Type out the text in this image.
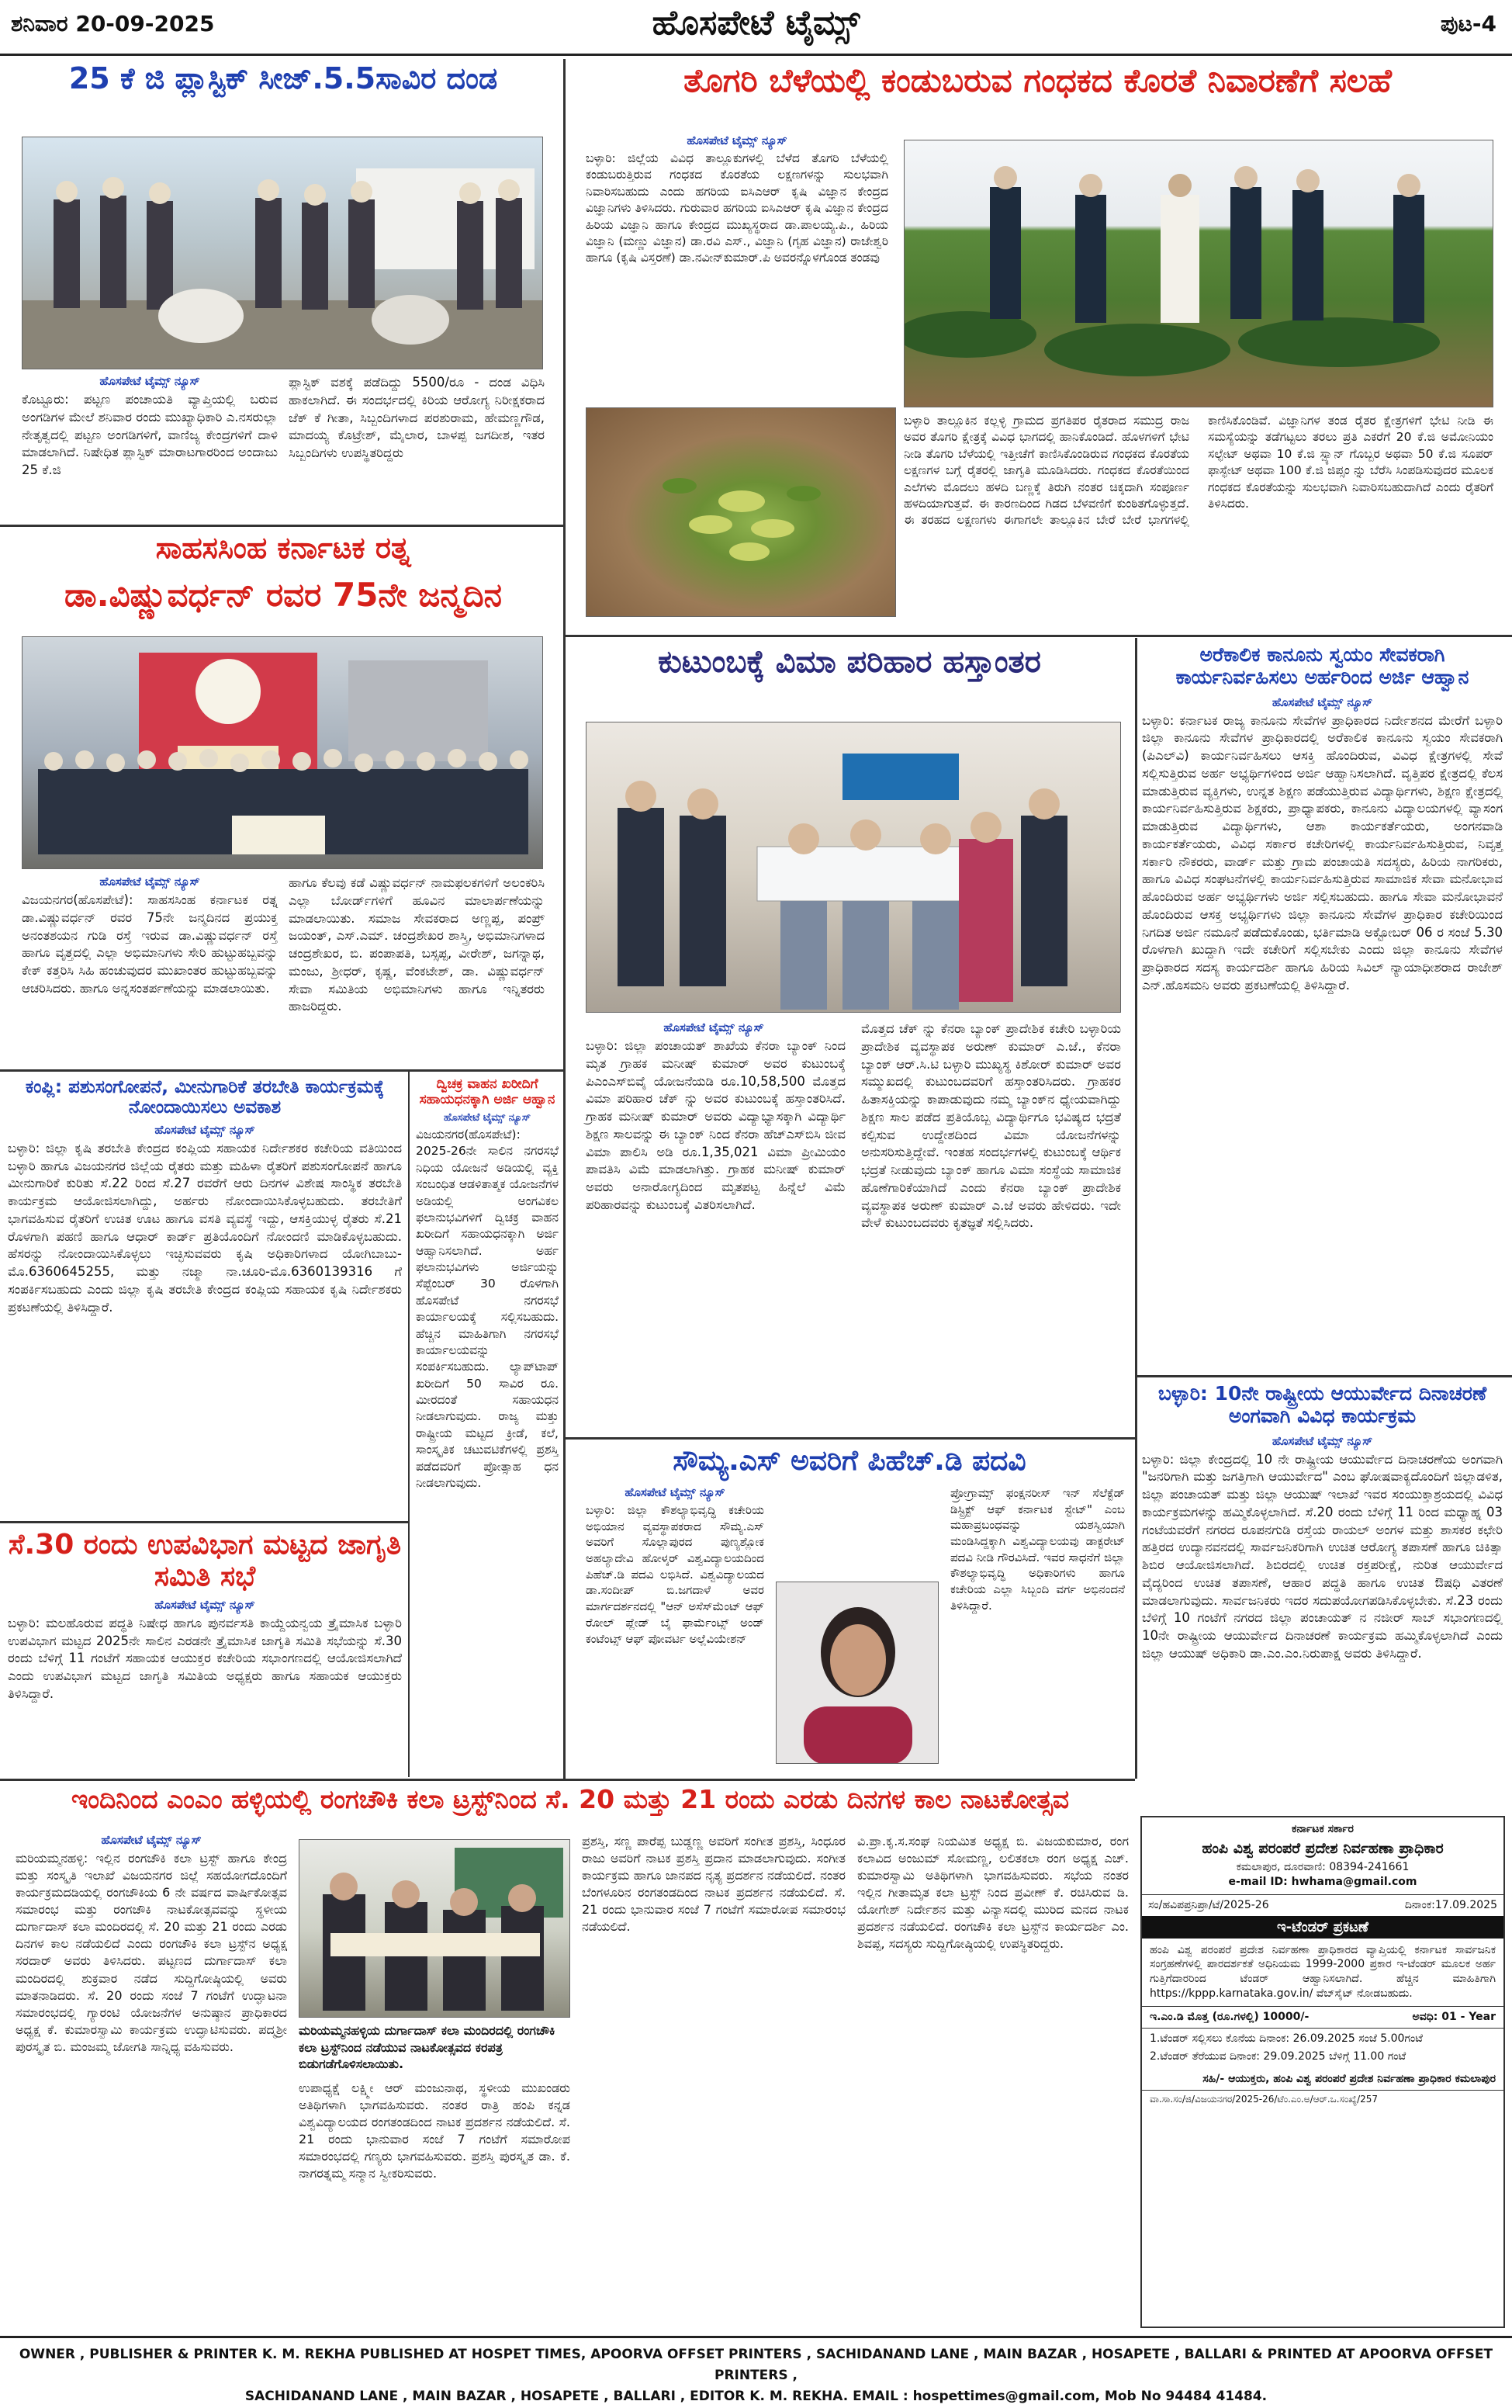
ಶನಿವಾರ 20-09-2025	ಹೊಸಪೇಟೆ ಟೈಮ್ಸ್	ಪುಟ-4
25 ಕೆ ಜಿ ಪ್ಲಾಸ್ಟಿಕ್ ಸೀಜ್.5.5ಸಾವಿರ ದಂಡ
ಹೊಸಪೇಟೆ ಟೈಮ್ಸ್ ನ್ಯೂಸ್
ಕೊಟ್ಟೂರು: ಪಟ್ಟಣ ಪಂಚಾಯತಿ ವ್ಯಾಪ್ತಿಯಲ್ಲಿ ಬರುವ ಅಂಗಡಿಗಳ ಮೇಲೆ ಶನಿವಾರ ರಂದು ಮುಖ್ಯಾಧಿಕಾರಿ ಎ.ನಸರುಲ್ಲಾ ನೇತೃತ್ವದಲ್ಲಿ ಪಟ್ಟಣ ಅಂಗಡಿಗಳಿಗೆ, ವಾಣಿಜ್ಯ ಕೇಂದ್ರಗಳಿಗೆ ದಾಳಿ ಮಾಡಲಾಗಿದೆ. ನಿಷೇಧಿತ ಪ್ಲಾಸ್ಟಿಕ್ ಮಾರಾಟಗಾರರಿಂದ ಅಂದಾಜು 25 ಕೆ.ಜಿ
ಪ್ಲಾಸ್ಟಿಕ್ ವಶಕ್ಕೆ ಪಡೆದಿದ್ದು 5500/ರೂ - ದಂಡ ವಿಧಿಸಿ ಹಾಕಲಾಗಿದೆ. ಈ ಸಂದರ್ಭದಲ್ಲಿ ಕಿರಿಯ ಆರೋಗ್ಯ ನಿರೀಕ್ಷಕರಾದ ಜೆಕ್ ಕೆ ಗೀತಾ, ಸಿಬ್ಬಂದಿಗಳಾದ ಪರಶುರಾಮ, ಹೇಮಣ್ಣಗೌಡ, ಮಾದಯ್ಯ ಕೊಟ್ರೇಶ್, ಮೈಲಾರ, ಬಾಳಪ್ಪ ಜಗದೀಶ, ಇತರ ಸಿಬ್ಬಂದಿಗಳು ಉಪಸ್ಥಿತರಿದ್ದರು
ತೊಗರಿ ಬೆಳೆಯಲ್ಲಿ ಕಂಡುಬರುವ ಗಂಧಕದ ಕೊರತೆ ನಿವಾರಣೆಗೆ ಸಲಹೆ
ಹೊಸಪೇಟೆ ಟೈಮ್ಸ್ ನ್ಯೂಸ್
ಬಳ್ಳಾರಿ: ಜಿಲ್ಲೆಯ ವಿವಿಧ ತಾಲ್ಲೂಕುಗಳಲ್ಲಿ ಬೆಳೆದ ತೊಗರಿ ಬೆಳೆಯಲ್ಲಿ ಕಂಡುಬರುತ್ತಿರುವ ಗಂಧಕದ ಕೊರತೆಯ ಲಕ್ಷಣಗಳನ್ನು ಸುಲಭವಾಗಿ ನಿವಾರಿಸಬಹುದು ಎಂದು ಹಗರಿಯ ಐಸಿಎಆರ್ ಕೃಷಿ ವಿಜ್ಞಾನ ಕೇಂದ್ರದ ವಿಜ್ಞಾನಿಗಳು ತಿಳಿಸಿದರು. ಗುರುವಾರ ಹಗರಿಯ ಐಸಿಎಆರ್ ಕೃಷಿ ವಿಜ್ಞಾನ ಕೇಂದ್ರದ ಹಿರಿಯ ವಿಜ್ಞಾನಿ ಹಾಗೂ ಕೇಂದ್ರದ ಮುಖ್ಯಸ್ಥರಾದ ಡಾ.ಪಾಲಯ್ಯ.ಪಿ., ಹಿರಿಯ ವಿಜ್ಞಾನಿ (ಮಣ್ಣು ವಿಜ್ಞಾನ) ಡಾ.ರವಿ ಎಸ್., ವಿಜ್ಞಾನಿ (ಗೃಹ ವಿಜ್ಞಾನ) ರಾಜೇಶ್ವರಿ ಹಾಗೂ (ಕೃಷಿ ವಿಸ್ತರಣೆ) ಡಾ.ನವೀನ್‌ಕುಮಾರ್.ಪಿ ಅವರನ್ನೊಳಗೊಂಡ ತಂಡವು
ಬಳ್ಳಾರಿ ತಾಲ್ಲೂಕಿನ ಕಲ್ಲಳ್ಳಿ ಗ್ರಾಮದ ಪ್ರಗತಿಪರ ರೈತರಾದ ಸಮುದ್ರ ರಾಜ ಅವರ ತೊಗರಿ ಕ್ಷೇತ್ರಕ್ಕೆ ವಿವಿಧ ಭಾಗದಲ್ಲಿ ಹಾನಿಕೊಂಡಿದೆ. ಹೊಳಗಳಿಗೆ ಭೇಟಿ ನೀಡಿ ತೊಗರಿ ಬೆಳೆಯಲ್ಲಿ ಇತ್ತೀಚೆಗೆ ಕಾಣಿಸಿಕೊಂಡಿರುವ ಗಂಧಕದ ಕೊರತೆಯ ಲಕ್ಷಣಗಳ ಬಗ್ಗೆ ರೈತರಲ್ಲಿ ಜಾಗೃತಿ ಮೂಡಿಸಿದರು. ಗಂಧಕದ ಕೊರತೆಯಿಂದ ಎಲೆಗಳು ಮೊದಲು ಹಳದಿ ಬಣ್ಣಕ್ಕೆ ತಿರುಗಿ ನಂತರ ಚಿಕ್ಕದಾಗಿ ಸಂಪೂರ್ಣ ಹಳದಿಯಾಗುತ್ತವೆ. ಈ ಕಾರಣದಿಂದ ಗಿಡದ ಬೆಳವಣಿಗೆ ಕುಂಠಿತಗೊಳ್ಳುತ್ತದೆ. ಈ ತರಹದ ಲಕ್ಷಣಗಳು ಈಗಾಗಲೇ ತಾಲ್ಲೂಕಿನ ಬೇರೆ ಬೇರೆ ಭಾಗಗಳಲ್ಲಿ ಕಾಣಿಸಿಕೊಂಡಿವೆ. ವಿಜ್ಞಾನಿಗಳ ತಂಡ ರೈತರ ಕ್ಷೇತ್ರಗಳಿಗೆ ಭೇಟಿ ನೀಡಿ ಈ ಸಮಸ್ಯೆಯನ್ನು ತಡೆಗಟ್ಟಲು ತರಲು ಪ್ರತಿ ಎಕರೆಗೆ 20 ಕೆ.ಜಿ ಅಮೋನಿಯಂ ಸಲ್ಫೇಟ್ ಅಥವಾ 10 ಕೆ.ಜಿ ಸ್ಪ್ಯಾನ್ ಗೊಬ್ಬರ ಅಥವಾ 50 ಕೆ.ಜಿ ಸೂಪರ್ ಫಾಸ್ಫೇಟ್ ಅಥವಾ 100 ಕೆ.ಜಿ ಜಿಪ್ಸಂ ನ್ನು ಬೆರೆಸಿ ಸಿಂಪಡಿಸುವುದರ ಮೂಲಕ ಗಂಧಕದ ಕೊರತೆಯನ್ನು ಸುಲಭವಾಗಿ ನಿವಾರಿಸಬಹುದಾಗಿದೆ ಎಂದು ರೈತರಿಗೆ ತಿಳಿಸಿದರು.
ಸಾಹಸಸಿಂಹ ಕರ್ನಾಟಕ ರತ್ನ
ಡಾ.ವಿಷ್ಣುವರ್ಧನ್ ರವರ 75ನೇ ಜನ್ಮದಿನ
ಹೊಸಪೇಟೆ ಟೈಮ್ಸ್ ನ್ಯೂಸ್
ವಿಜಯನಗರ(ಹೊಸಪೇಟೆ): ಸಾಹಸಸಿಂಹ ಕರ್ನಾಟಕ ರತ್ನ ಡಾ.ವಿಷ್ಣುವರ್ಧನ್ ರವರ 75ನೇ ಜನ್ಮದಿನದ ಪ್ರಯುಕ್ತ ಅನಂತಶಯನ ಗುಡಿ ರಸ್ತೆ ಇರುವ ಡಾ.ವಿಷ್ಣುವರ್ಧನ್ ರಸ್ತೆ ಹಾಗೂ ವೃತ್ತದಲ್ಲಿ ಎಲ್ಲಾ ಅಭಿಮಾನಿಗಳು ಸೇರಿ ಹುಟ್ಟುಹಬ್ಬವನ್ನು ಕೇಕ್ ಕತ್ತರಿಸಿ ಸಿಹಿ ಹಂಚುವುದರ ಮುಖಾಂತರ ಹುಟ್ಟುಹಬ್ಬವನ್ನು ಆಚರಿಸಿದರು. ಹಾಗೂ ಅನ್ನಸಂತರ್ಪಣೆಯನ್ನು ಮಾಡಲಾಯಿತು.
ಹಾಗೂ ಕೆಲವು ಕಡೆ ವಿಷ್ಣುವರ್ಧನ್ ನಾಮಫಲಕಗಳಿಗೆ ಅಲಂಕರಿಸಿ ಎಲ್ಲಾ ಬೋರ್ಡ್‌ಗಳಿಗೆ ಹೂವಿನ ಮಾಲಾರ್ಪಣೆಯನ್ನು ಮಾಡಲಾಯಿತು. ಸಮಾಜ ಸೇವಕರಾದ ಅಣ್ಣಪ್ಪ, ಪಂಪ್ರ್‌ ಜಯಂತ್, ಎಸ್.ಎಮ್. ಚಂದ್ರಶೇಖರ ಶಾಸ್ತ್ರಿ, ಅಭಿಮಾನಿಗಳಾದ ಚಂದ್ರಶೇಖರ, ಬಿ. ಪಂಪಾಪತಿ, ಬಸ್ಸಪ್ಪ, ವೀರೇಶ್, ಜಗನ್ನಾಥ, ಮಂಜು, ಶ್ರೀಧರ್, ಕೃಷ್ಣ, ವೆಂಕಟೇಶ್, ಡಾ. ವಿಷ್ಣುವರ್ಧನ್ ಸೇವಾ ಸಮಿತಿಯ ಅಭಿಮಾನಿಗಳು ಹಾಗೂ ಇನ್ನಿತರರು ಹಾಜರಿದ್ದರು.
ಕುಟುಂಬಕ್ಕೆ ವಿಮಾ ಪರಿಹಾರ ಹಸ್ತಾಂತರ
ಹೊಸಪೇಟೆ ಟೈಮ್ಸ್ ನ್ಯೂಸ್
ಬಳ್ಳಾರಿ: ಜಿಲ್ಲಾ ಪಂಚಾಯತ್ ಶಾಖೆಯ ಕೆನರಾ ಬ್ಯಾಂಕ್ ನಿಂದ ಮೃತ ಗ್ರಾಹಕ ಮನೀಷ್ ಕುಮಾರ್ ಅವರ ಕುಟುಂಬಕ್ಕೆ ಪಿಎಂಎಸ್‌ಬಿವೈ ಯೋಜನೆಯಡಿ ರೂ.10,58,500 ಮೊತ್ತದ ವಿಮಾ ಪರಿಹಾರ ಚೆಕ್ ನ್ನು ಅವರ ಕುಟುಂಬಕ್ಕೆ ಹಸ್ತಾಂತರಿಸಿದೆ. ಗ್ರಾಹಕ ಮನೀಷ್ ಕುಮಾರ್ ಅವರು ವಿದ್ಯಾಭ್ಯಾಸಕ್ಕಾಗಿ ವಿದ್ಯಾರ್ಥಿ ಶಿಕ್ಷಣ ಸಾಲವನ್ನು ಈ ಬ್ಯಾಂಕ್ ನಿಂದ ಕೆನರಾ ಹೆಚ್ಎಸ್‌ಬಿಸಿ ಜೀವ ವಿಮಾ ಪಾಲಿಸಿ ಅಡಿ ರೂ.1,35,021 ವಿಮಾ ಪ್ರೀಮಿಯಂ ಪಾವತಿಸಿ ವಿಮೆ ಮಾಡಲಾಗಿತ್ತು. ಗ್ರಾಹಕ ಮನೀಷ್ ಕುಮಾರ್ ಅವರು ಅನಾರೋಗ್ಯದಿಂದ ಮೃತಪಟ್ಟ ಹಿನ್ನೆಲೆ ವಿಮೆ ಪರಿಹಾರವನ್ನು ಕುಟುಂಬಕ್ಕೆ ವಿತರಿಸಲಾಗಿದೆ.
ಮೊತ್ತದ ಚೆಕ್ ನ್ನು ಕೆನರಾ ಬ್ಯಾಂಕ್ ಪ್ರಾದೇಶಿಕ ಕಚೇರಿ ಬಳ್ಳಾರಿಯ ಪ್ರಾದೇಶಿಕ ವ್ಯವಸ್ಥಾಪಕ ಅರುಣ್ ಕುಮಾರ್ ಎ.ಜೆ., ಕೆನರಾ ಬ್ಯಾಂಕ್ ಆರ್.ಸಿ.ಟಿ ಬಳ್ಳಾರಿ ಮುಖ್ಯಸ್ಥ ಕಿಶೋರ್ ಕುಮಾರ್ ಅವರ ಸಮ್ಮುಖದಲ್ಲಿ ಕುಟುಂಬದವರಿಗೆ ಹಸ್ತಾಂತರಿಸಿದರು. ಗ್ರಾಹಕರ ಹಿತಾಸಕ್ತಿಯನ್ನು ಕಾಪಾಡುವುದು ನಮ್ಮ ಬ್ಯಾಂಕ್‌ನ ಧ್ಯೇಯವಾಗಿದ್ದು ಶಿಕ್ಷಣ ಸಾಲ ಪಡೆದ ಪ್ರತಿಯೊಬ್ಬ ವಿದ್ಯಾರ್ಥಿಗೂ ಭವಿಷ್ಯದ ಭದ್ರತೆ ಕಲ್ಪಿಸುವ ಉದ್ದೇಶದಿಂದ ವಿಮಾ ಯೋಜನೆಗಳನ್ನು ಅನುಸರಿಸುತ್ತಿದ್ದೇವೆ. ಇಂತಹ ಸಂದರ್ಭಗಳಲ್ಲಿ ಕುಟುಂಬಕ್ಕೆ ಆರ್ಥಿಕ ಭದ್ರತೆ ನೀಡುವುದು ಬ್ಯಾಂಕ್ ಹಾಗೂ ವಿಮಾ ಸಂಸ್ಥೆಯ ಸಾಮಾಜಿಕ ಹೊಣೆಗಾರಿಕೆಯಾಗಿದೆ ಎಂದು ಕೆನರಾ ಬ್ಯಾಂಕ್ ಪ್ರಾದೇಶಿಕ ವ್ಯವಸ್ಥಾಪಕ ಅರುಣ್ ಕುಮಾರ್ ಎ.ಜೆ ಅವರು ಹೇಳಿದರು. ಇದೇ ವೇಳೆ ಕುಟುಂಬದವರು ಕೃತಜ್ಞತೆ ಸಲ್ಲಿಸಿದರು.
ಅರೆಕಾಲಿಕ ಕಾನೂನು ಸ್ವಯಂ ಸೇವಕರಾಗಿ ಕಾರ್ಯನಿರ್ವಹಿಸಲು ಅರ್ಹರಿಂದ ಅರ್ಜಿ ಆಹ್ವಾನ
ಹೊಸಪೇಟೆ ಟೈಮ್ಸ್ ನ್ಯೂಸ್
ಬಳ್ಳಾರಿ: ಕರ್ನಾಟಕ ರಾಜ್ಯ ಕಾನೂನು ಸೇವೆಗಳ ಪ್ರಾಧಿಕಾರದ ನಿರ್ದೇಶನದ ಮೇರೆಗೆ ಬಳ್ಳಾರಿ ಜಿಲ್ಲಾ ಕಾನೂನು ಸೇವೆಗಳ ಪ್ರಾಧಿಕಾರದಲ್ಲಿ ಅರೆಕಾಲಿಕ ಕಾನೂನು ಸ್ವಯಂ ಸೇವಕರಾಗಿ (ಪಿಎಲ್‌ವಿ) ಕಾರ್ಯನಿರ್ವಹಿಸಲು ಆಸಕ್ತಿ ಹೊಂದಿರುವ, ವಿವಿಧ ಕ್ಷೇತ್ರಗಳಲ್ಲಿ ಸೇವೆ ಸಲ್ಲಿಸುತ್ತಿರುವ ಅರ್ಹ ಅಭ್ಯರ್ಥಿಗಳಿಂದ ಅರ್ಜಿ ಆಹ್ವಾನಿಸಲಾಗಿದೆ. ವೃತ್ತಿಪರ ಕ್ಷೇತ್ರದಲ್ಲಿ ಕೆಲಸ ಮಾಡುತ್ತಿರುವ ವ್ಯಕ್ತಿಗಳು, ಉನ್ನತ ಶಿಕ್ಷಣ ಪಡೆಯುತ್ತಿರುವ ವಿದ್ಯಾರ್ಥಿಗಳು, ಶಿಕ್ಷಣ ಕ್ಷೇತ್ರದಲ್ಲಿ ಕಾರ್ಯನಿರ್ವಹಿಸುತ್ತಿರುವ ಶಿಕ್ಷಕರು, ಪ್ರಾಧ್ಯಾಪಕರು, ಕಾನೂನು ವಿದ್ಯಾಲಯಗಳಲ್ಲಿ ವ್ಯಾಸಂಗ ಮಾಡುತ್ತಿರುವ ವಿದ್ಯಾರ್ಥಿಗಳು, ಆಶಾ ಕಾರ್ಯಕರ್ತೆಯರು, ಅಂಗನವಾಡಿ ಕಾರ್ಯಕರ್ತೆಯರು, ವಿವಿಧ ಸರ್ಕಾರ ಕಚೇರಿಗಳಲ್ಲಿ ಕಾರ್ಯನಿರ್ವಹಿಸುತ್ತಿರುವ, ನಿವೃತ್ತ ಸರ್ಕಾರಿ ನೌಕರರು, ವಾರ್ಡ್ ಮತ್ತು ಗ್ರಾಮ ಪಂಚಾಯತಿ ಸದಸ್ಯರು, ಹಿರಿಯ ನಾಗರಿಕರು, ಹಾಗೂ ವಿವಿಧ ಸಂಘಟನೆಗಳಲ್ಲಿ ಕಾರ್ಯನಿರ್ವಹಿಸುತ್ತಿರುವ ಸಾಮಾಜಿಕ ಸೇವಾ ಮನೋಭಾವ ಹೊಂದಿರುವ ಅರ್ಹ ಅಭ್ಯರ್ಥಿಗಳು ಅರ್ಜಿ ಸಲ್ಲಿಸಬಹುದು. ಹಾಗೂ ಸೇವಾ ಮನೋಭಾವನೆ ಹೊಂದಿರುವ ಆಸಕ್ತ ಅಭ್ಯರ್ಥಿಗಳು ಜಿಲ್ಲಾ ಕಾನೂನು ಸೇವೆಗಳ ಪ್ರಾಧಿಕಾರ ಕಚೇರಿಯಿಂದ ನಿಗದಿತ ಅರ್ಜಿ ನಮೂನೆ ಪಡೆದುಕೊಂಡು, ಭರ್ತಿಮಾಡಿ ಅಕ್ಟೋಬರ್ 06 ರ ಸಂಜೆ 5.30 ರೊಳಗಾಗಿ ಖುದ್ದಾಗಿ ಇದೇ ಕಚೇರಿಗೆ ಸಲ್ಲಿಸಬೇಕು ಎಂದು ಜಿಲ್ಲಾ ಕಾನೂನು ಸೇವೆಗಳ ಪ್ರಾಧಿಕಾರದ ಸದಸ್ಯ ಕಾರ್ಯದರ್ಶಿ ಹಾಗೂ ಹಿರಿಯ ಸಿವಿಲ್ ನ್ಯಾಯಾಧೀಶರಾದ ರಾಜೇಶ್ ಎನ್.ಹೊಸಮನಿ ಅವರು ಪ್ರಕಟಣೆಯಲ್ಲಿ ತಿಳಿಸಿದ್ದಾರೆ.
ಬಳ್ಳಾರಿ: 10ನೇ ರಾಷ್ಟ್ರೀಯ ಆಯುರ್ವೇದ ದಿನಾಚರಣೆ ಅಂಗವಾಗಿ ವಿವಿಧ ಕಾರ್ಯಕ್ರಮ
ಹೊಸಪೇಟೆ ಟೈಮ್ಸ್ ನ್ಯೂಸ್
ಬಳ್ಳಾರಿ: ಜಿಲ್ಲಾ ಕೇಂದ್ರದಲ್ಲಿ 10 ನೇ ರಾಷ್ಟ್ರೀಯ ಆಯುರ್ವೇದ ದಿನಾಚರಣೆಯ ಅಂಗವಾಗಿ "ಜನರಿಗಾಗಿ ಮತ್ತು ಜಗತ್ತಿಗಾಗಿ ಆಯುರ್ವೇದ" ಎಂಬ ಘೋಷವಾಕ್ಯದೊಂದಿಗೆ ಜಿಲ್ಲಾಡಳಿತ, ಜಿಲ್ಲಾ ಪಂಚಾಯತ್ ಮತ್ತು ಜಿಲ್ಲಾ ಆಯುಷ್ ಇಲಾಖೆ ಇವರ ಸಂಯುಕ್ತಾಶ್ರಯದಲ್ಲಿ ವಿವಿಧ ಕಾರ್ಯಕ್ರಮಗಳನ್ನು ಹಮ್ಮಿಕೊಳ್ಳಲಾಗಿದೆ. ಸೆ.20 ರಂದು ಬೆಳಿಗ್ಗೆ 11 ರಿಂದ ಮಧ್ಯಾಹ್ನ 03 ಗಂಟೆಯವರೆಗೆ ನಗರದ ರೂಪನಗುಡಿ ರಸ್ತೆಯ ರಾಯಲ್ ಅಂಗಳ ಮತ್ತು ಶಾಸಕರ ಕಛೇರಿ ಹತ್ತಿರದ ಉದ್ಯಾನವನದಲ್ಲಿ ಸಾರ್ವಜನಿಕರಿಗಾಗಿ ಉಚಿತ ಆರೋಗ್ಯ ತಪಾಸಣೆ ಹಾಗೂ ಚಿಕಿತ್ಸಾ ಶಿಬಿರ ಆಯೋಜಿಸಲಾಗಿದೆ. ಶಿಬಿರದಲ್ಲಿ ಉಚಿತ ರಕ್ತಪರೀಕ್ಷೆ, ನುರಿತ ಆಯುರ್ವೇದ ವೈದ್ಯರಿಂದ ಉಚಿತ ತಪಾಸಣೆ, ಆಹಾರ ಪದ್ಧತಿ ಹಾಗೂ ಉಚಿತ ಔಷಧಿ ವಿತರಣೆ ಮಾಡಲಾಗುವುದು. ಸಾರ್ವಜನಿಕರು ಇದರ ಸದುಪಯೋಗಪಡಿಸಿಕೊಳ್ಳಬೇಕು. ಸೆ.23 ರಂದು ಬೆಳಿಗ್ಗೆ 10 ಗಂಟೆಗೆ ನಗರದ ಜಿಲ್ಲಾ ಪಂಚಾಯತ್ ನ ನಜೀರ್ ಸಾಬ್ ಸಭಾಂಗಣದಲ್ಲಿ 10ನೇ ರಾಷ್ಟ್ರೀಯ ಆಯುರ್ವೇದ ದಿನಾಚರಣೆ ಕಾರ್ಯಕ್ರಮ ಹಮ್ಮಿಕೊಳ್ಳಲಾಗಿದೆ ಎಂದು ಜಿಲ್ಲಾ ಆಯುಷ್ ಅಧಿಕಾರಿ ಡಾ.ಎಂ.ಎಂ.ನಿರುಪಾಕ್ಷ ಅವರು ತಿಳಿಸಿದ್ದಾರೆ.
ಕಂಪ್ಲಿ: ಪಶುಸಂಗೋಪನೆ, ಮೀನುಗಾರಿಕೆ ತರಬೇತಿ ಕಾರ್ಯಕ್ರಮಕ್ಕೆ ನೋಂದಾಯಿಸಲು ಅವಕಾಶ
ಹೊಸಪೇಟೆ ಟೈಮ್ಸ್ ನ್ಯೂಸ್
ಬಳ್ಳಾರಿ: ಜಿಲ್ಲಾ ಕೃಷಿ ತರಬೇತಿ ಕೇಂದ್ರದ ಕಂಪ್ಲಿಯ ಸಹಾಯಕ ನಿರ್ದೇಶಕರ ಕಚೇರಿಯ ವತಿಯಿಂದ ಬಳ್ಳಾರಿ ಹಾಗೂ ವಿಜಯನಗರ ಜಿಲ್ಲೆಯ ರೈತರು ಮತ್ತು ಮಹಿಳಾ ರೈತರಿಗೆ ಪಶುಸಂಗೋಪನೆ ಹಾಗೂ ಮೀನುಗಾರಿಕೆ ಕುರಿತು ಸೆ.22 ರಿಂದ ಸೆ.27 ರವರೆಗೆ ಆರು ದಿನಗಳ ವಿಶೇಷ ಸಾಂಸ್ಥಿಕ ತರಬೇತಿ ಕಾರ್ಯಕ್ರಮ ಆಯೋಜಿಸಲಾಗಿದ್ದು, ಅರ್ಹರು ನೋಂದಾಯಿಸಿಕೊಳ್ಳಬಹುದು. ತರಬೇತಿಗೆ ಭಾಗವಹಿಸುವ ರೈತರಿಗೆ ಉಚಿತ ಊಟ ಹಾಗೂ ವಸತಿ ವ್ಯವಸ್ಥೆ ಇದ್ದು, ಆಸಕ್ತಿಯುಳ್ಳ ರೈತರು ಸೆ.21 ರೊಳಗಾಗಿ ಪಹಣಿ ಹಾಗೂ ಆಧಾರ್ ಕಾರ್ಡ್ ಪ್ರತಿಯೊಂದಿಗೆ ನೋಂದಣಿ ಮಾಡಿಕೊಳ್ಳಬಹುದು. ಹೆಸರನ್ನು ನೋಂದಾಯಿಸಿಕೊಳ್ಳಲು ಇಚ್ಛಿಸುವವರು ಕೃಷಿ ಅಧಿಕಾರಿಗಳಾದ ಯೋಗಿಬಾಬು-ಮೊ.6360645255, ಮತ್ತು ನಜ್ಮಾ ನಾ.ಚೂರಿ-ಮೊ.6360139316 ಗೆ ಸಂಪರ್ಕಿಸಬಹುದು ಎಂದು ಜಿಲ್ಲಾ ಕೃಷಿ ತರಬೇತಿ ಕೇಂದ್ರದ ಕಂಪ್ಲಿಯ ಸಹಾಯಕ ಕೃಷಿ ನಿರ್ದೇಶಕರು ಪ್ರಕಟಣೆಯಲ್ಲಿ ತಿಳಿಸಿದ್ದಾರೆ.
ದ್ವಿಚಕ್ರ ವಾಹನ ಖರೀದಿಗೆ ಸಹಾಯಧನಕ್ಕಾಗಿ ಅರ್ಜಿ ಆಹ್ವಾನ
ಹೊಸಪೇಟೆ ಟೈಮ್ಸ್ ನ್ಯೂಸ್
ವಿಜಯನಗರ(ಹೊಸಪೇಟೆ): 2025-26ನೇ ಸಾಲಿನ ನಗರಸಭೆ ನಿಧಿಯ ಯೋಜನೆ ಅಡಿಯಲ್ಲಿ ವ್ಯಕ್ತಿ ಸಂಬಂಧಿತ ಆಡಳಿತಾತ್ಮಕ ಯೋಜನೆಗಳ ಅಡಿಯಲ್ಲಿ ಅಂಗವಿಕಲ ಫಲಾನುಭವಿಗಳಿಗೆ ದ್ವಿಚಕ್ರ ವಾಹನ ಖರೀದಿಗೆ ಸಹಾಯಧನಕ್ಕಾಗಿ ಅರ್ಜಿ ಆಹ್ವಾನಿಸಲಾಗಿದೆ. ಅರ್ಹ ಫಲಾನುಭವಿಗಳು ಅರ್ಜಿಯನ್ನು ಸೆಪ್ಟೆಂಬರ್ 30 ರೊಳಗಾಗಿ ಹೊಸಪೇಟೆ ನಗರಸಭೆ ಕಾರ್ಯಾಲಯಕ್ಕೆ ಸಲ್ಲಿಸಬಹುದು. ಹೆಚ್ಚಿನ ಮಾಹಿತಿಗಾಗಿ ನಗರಸಭೆ ಕಾರ್ಯಾಲಯವನ್ನು ಸಂಪರ್ಕಿಸಬಹುದು. ಲ್ಯಾಪ್‌ಟಾಪ್ ಖರೀದಿಗೆ 50 ಸಾವಿರ ರೂ. ಮೀರದಂತೆ ಸಹಾಯಧನ ನೀಡಲಾಗುವುದು. ರಾಜ್ಯ ಮತ್ತು ರಾಷ್ಟ್ರೀಯ ಮಟ್ಟದ ಕ್ರೀಡೆ, ಕಲೆ, ಸಾಂಸ್ಕೃತಿಕ ಚಟುವಟಿಕೆಗಳಲ್ಲಿ ಪ್ರಶಸ್ತಿ ಪಡೆದವರಿಗೆ ಪ್ರೋತ್ಸಾಹ ಧನ ನೀಡಲಾಗುವುದು.
ಸೆ.30 ರಂದು ಉಪವಿಭಾಗ ಮಟ್ಟದ ಜಾಗೃತಿ ಸಮಿತಿ ಸಭೆ
ಹೊಸಪೇಟೆ ಟೈಮ್ಸ್ ನ್ಯೂಸ್
ಬಳ್ಳಾರಿ: ಮಲಹೊರುವ ಪದ್ಧತಿ ನಿಷೇಧ ಹಾಗೂ ಪುನರ್ವಸತಿ ಕಾಯ್ದೆಯನ್ವಯ ತ್ರೈಮಾಸಿಕ ಬಳ್ಳಾರಿ ಉಪವಿಭಾಗ ಮಟ್ಟದ 2025ನೇ ಸಾಲಿನ ಎರಡನೇ ತ್ರೈಮಾಸಿಕ ಜಾಗೃತಿ ಸಮಿತಿ ಸಭೆಯನ್ನು ಸೆ.30 ರಂದು ಬೆಳಿಗ್ಗೆ 11 ಗಂಟೆಗೆ ಸಹಾಯಕ ಆಯುಕ್ತರ ಕಚೇರಿಯ ಸಭಾಂಗಣದಲ್ಲಿ ಆಯೋಜಿಸಲಾಗಿದೆ ಎಂದು ಉಪವಿಭಾಗ ಮಟ್ಟದ ಜಾಗೃತಿ ಸಮಿತಿಯ ಅಧ್ಯಕ್ಷರು ಹಾಗೂ ಸಹಾಯಕ ಆಯುಕ್ತರು ತಿಳಿಸಿದ್ದಾರೆ.
ಸೌಮ್ಯ.ಎಸ್ ಅವರಿಗೆ ಪಿಹೆಚ್.ಡಿ ಪದವಿ
ಹೊಸಪೇಟೆ ಟೈಮ್ಸ್ ನ್ಯೂಸ್
ಬಳ್ಳಾರಿ: ಜಿಲ್ಲಾ ಕೌಶಲ್ಯಾಭಿವೃದ್ಧಿ ಕಚೇರಿಯ ಅಭಿಯಾನ ವ್ಯವಸ್ಥಾಪಕರಾದ ಸೌಮ್ಯ.ಎಸ್ ಅವರಿಗೆ ಸೊಲ್ಲಾಪುರದ ಪುಣ್ಯಶ್ಲೋಕ ಅಹಲ್ಯಾದೇವಿ ಹೋಳ್ಕರ್ ವಿಶ್ವವಿದ್ಯಾಲಯದಿಂದ ಪಿಹೆಚ್.ಡಿ ಪದವಿ ಲಭಿಸಿದೆ. ವಿಶ್ವವಿದ್ಯಾಲಯದ ಡಾ.ಸಂದೀಪ್ ಬಿ.ಜಗದಾಳೆ ಅವರ ಮಾರ್ಗದರ್ಶನದಲ್ಲಿ "ಆನ್ ಅಸೆಸ್‌ಮೆಂಟ್ ಆಫ್ ರೋಲ್ ಪ್ಲೇಡ್ ಬೈ ಫಾರ್ಮೆಂಟ್ಸ್ ಅಂಡ್ ಕಂಟೆಂಟ್ಸ್ ಆಫ್ ಪೋವರ್ಟಿ ಅಲ್ಲೆವಿಯೇಶನ್
ಪ್ರೋಗ್ರಾಮ್ಸ್ ಫಂಕ್ಷನರೀಸ್ ಇನ್ ಸೆಲೆಕ್ಟೆಡ್ ಡಿಸ್ಟ್ರಿಕ್ಟ್ ಆಫ್ ಕರ್ನಾಟಕ ಸ್ಟೇಟ್" ಎಂಬ ಮಹಾಪ್ರಬಂಧವನ್ನು ಯಶಸ್ವಿಯಾಗಿ ಮಂಡಿಸಿದ್ದಕ್ಕಾಗಿ ವಿಶ್ವವಿದ್ಯಾಲಯವು ಡಾಕ್ಟರೇಟ್ ಪದವಿ ನೀಡಿ ಗೌರವಿಸಿದೆ. ಇವರ ಸಾಧನೆಗೆ ಜಿಲ್ಲಾ ಕೌಶಲ್ಯಾಭಿವೃದ್ಧಿ ಅಧಿಕಾರಿಗಳು ಹಾಗೂ ಕಚೇರಿಯ ಎಲ್ಲಾ ಸಿಬ್ಬಂದಿ ವರ್ಗ ಅಭಿನಂದನೆ ತಿಳಿಸಿದ್ದಾರೆ.
ಇಂದಿನಿಂದ ಎಂಎಂ ಹಳ್ಳಿಯಲ್ಲಿ ರಂಗಚೌಕಿ ಕಲಾ ಟ್ರಸ್ಟ್‌ನಿಂದ ಸೆ. 20 ಮತ್ತು 21 ರಂದು ಎರಡು ದಿನಗಳ ಕಾಲ ನಾಟಕೋತ್ಸವ
ಹೊಸಪೇಟೆ ಟೈಮ್ಸ್ ನ್ಯೂಸ್
ಮರಿಯಮ್ಮನಹಳ್ಳಿ: ಇಲ್ಲಿನ ರಂಗಚೌಕಿ ಕಲಾ ಟ್ರಸ್ಟ್ ಹಾಗೂ ಕೇಂದ್ರ ಮತ್ತು ಸಂಸ್ಕೃತಿ ಇಲಾಖೆ ವಿಜಯನಗರ ಜಿಲ್ಲೆ ಸಹಯೋಗದೊಂದಿಗೆ ಕಾರ್ಯಕ್ರಮದಡಿಯಲ್ಲಿ ರಂಗಚೌಕಿಯ 6 ನೇ ವರ್ಷದ ವಾರ್ಷಿಕೋತ್ಸವ ಸಮಾರಂಭ ಮತ್ತು ರಂಗಚೌಕಿ ನಾಟಕೋತ್ಸವವನ್ನು ಸ್ಥಳೀಯ ದುರ್ಗಾದಾಸ್ ಕಲಾ ಮಂದಿರದಲ್ಲಿ ಸೆ. 20 ಮತ್ತು 21 ರಂದು ಎರಡು ದಿನಗಳ ಕಾಲ ನಡೆಯಲಿದೆ ಎಂದು ರಂಗಚೌಕಿ ಕಲಾ ಟ್ರಸ್ಟ್‌ನ ಅಧ್ಯಕ್ಷ ಸರದಾರ್ ಅವರು ತಿಳಿಸಿದರು. ಪಟ್ಟಣದ ದುರ್ಗಾದಾಸ್ ಕಲಾ ಮಂದಿರದಲ್ಲಿ ಶುಕ್ರವಾರ ನಡೆದ ಸುದ್ದಿಗೋಷ್ಠಿಯಲ್ಲಿ ಅವರು ಮಾತನಾಡಿದರು. ಸೆ. 20 ರಂದು ಸಂಜೆ 7 ಗಂಟೆಗೆ ಉದ್ಘಾಟನಾ ಸಮಾರಂಭದಲ್ಲಿ ಗ್ಯಾರಂಟಿ ಯೋಜನೆಗಳ ಅನುಷ್ಠಾನ ಪ್ರಾಧಿಕಾರದ ಅಧ್ಯಕ್ಷ ಕೆ. ಕುಮಾರಸ್ವಾಮಿ ಕಾರ್ಯಕ್ರಮ ಉದ್ಘಾಟಿಸುವರು. ಪದ್ಮಶ್ರೀ ಪುರಸ್ಕೃತ ಬಿ. ಮಂಜಮ್ಮ ಜೋಗತಿ ಸಾನ್ನಿಧ್ಯ ವಹಿಸುವರು.
ಮರಿಯಮ್ಮನಹಳ್ಳಿಯ ದುರ್ಗಾದಾಸ್ ಕಲಾ ಮಂದಿರದಲ್ಲಿ ರಂಗಚೌಕಿ ಕಲಾ ಟ್ರಸ್ಟ್‌ನಿಂದ ನಡೆಯುವ ನಾಟಕೋತ್ಸವದ ಕರಪತ್ರ ಬಿಡುಗಡೆಗೊಳಿಸಲಾಯಿತು.
ಉಪಾಧ್ಯಕ್ಷೆ ಲಕ್ಷ್ಮೀ ಆರ್ ಮಂಜುನಾಥ, ಸ್ಥಳೀಯ ಮುಖಂಡರು ಅತಿಥಿಗಳಾಗಿ ಭಾಗವಹಿಸುವರು. ನಂತರ ರಾತ್ರಿ ಹಂಪಿ ಕನ್ನಡ ವಿಶ್ವವಿದ್ಯಾಲಯದ ರಂಗತಂಡದಿಂದ ನಾಟಕ ಪ್ರದರ್ಶನ ನಡೆಯಲಿದೆ. ಸೆ. 21 ರಂದು ಭಾನುವಾರ ಸಂಜೆ 7 ಗಂಟೆಗೆ ಸಮಾರೋಪ ಸಮಾರಂಭದಲ್ಲಿ ಗಣ್ಯರು ಭಾಗವಹಿಸುವರು. ಪ್ರಶಸ್ತಿ ಪುರಸ್ಕೃತ ಡಾ. ಕೆ. ನಾಗರತ್ನಮ್ಮ ಸನ್ಮಾನ ಸ್ವೀಕರಿಸುವರು.
ಪ್ರಶಸ್ತಿ, ಸಣ್ಣ ಪಾರೆಪ್ಪ ಬುಡ್ಡಣ್ಣ ಅವರಿಗೆ ಸಂಗೀತ ಪ್ರಶಸ್ತಿ, ಸಿಂಧೂರ ರಾಜು ಅವರಿಗೆ ನಾಟಕ ಪ್ರಶಸ್ತಿ ಪ್ರದಾನ ಮಾಡಲಾಗುವುದು. ಸಂಗೀತ ಕಾರ್ಯಕ್ರಮ ಹಾಗೂ ಜಾನಪದ ನೃತ್ಯ ಪ್ರದರ್ಶನ ನಡೆಯಲಿದೆ. ನಂತರ ಬೆಂಗಳೂರಿನ ರಂಗತಂಡದಿಂದ ನಾಟಕ ಪ್ರದರ್ಶನ ನಡೆಯಲಿದೆ. ಸೆ. 21 ರಂದು ಭಾನುವಾರ ಸಂಜೆ 7 ಗಂಟೆಗೆ ಸಮಾರೋಪ ಸಮಾರಂಭ ನಡೆಯಲಿದೆ.
ವಿ.ಪ್ರಾ.ಕೃ.ಸ.ಸಂಘ ನಿಯಮಿತ ಅಧ್ಯಕ್ಷ ಬಿ. ವಿಜಯಕುಮಾರ, ರಂಗ ಕಲಾವಿದ ಅಂಜುಮ್ ಸೋಮಣ್ಣ, ಲಲಿತಕಲಾ ರಂಗ ಅಧ್ಯಕ್ಷ ಎಚ್. ಕುಮಾರಸ್ವಾಮಿ ಅತಿಥಿಗಳಾಗಿ ಭಾಗವಹಿಸುವರು. ಸಭೆಯ ನಂತರ ಇಲ್ಲಿನ ಗೀತಾಮೃತ ಕಲಾ ಟ್ರಸ್ಟ್ ನಿಂದ ಪ್ರವೀಣ್ ಕೆ. ರಚಿಸಿರುವ ಡಿ. ಯೋಗೇಶ್ ನಿರ್ದೇಶನ ಮತ್ತು ವಿನ್ಯಾಸದಲ್ಲಿ ಮುರಿದ ಮನದ ನಾಟಕ ಪ್ರದರ್ಶನ ನಡೆಯಲಿದೆ. ರಂಗಚೌಕಿ ಕಲಾ ಟ್ರಸ್ಟ್‌ನ ಕಾರ್ಯದರ್ಶಿ ಎಂ. ಶಿವಪ್ಪ, ಸದಸ್ಯರು ಸುದ್ದಿಗೋಷ್ಠಿಯಲ್ಲಿ ಉಪಸ್ಥಿತರಿದ್ದರು.
ಕರ್ನಾಟಕ ಸರ್ಕಾರ
ಹಂಪಿ ವಿಶ್ವ ಪರಂಪರೆ ಪ್ರದೇಶ ನಿರ್ವಹಣಾ ಪ್ರಾಧಿಕಾರ
ಕಮಲಾಪುರ, ದೂರವಾಣಿ: 08394-241661
e-mail ID: hwhama@gmail.com
ಸಂ/ಹವಿಪಪ್ರನಿಪ್ರಾ/ಟೆ/2025-26	ದಿನಾಂಕ:17.09.2025
ಇ-ಟೆಂಡರ್ ಪ್ರಕಟಣೆ
ಹಂಪಿ ವಿಶ್ವ ಪರಂಪರೆ ಪ್ರದೇಶ ನಿರ್ವಹಣಾ ಪ್ರಾಧಿಕಾರದ ವ್ಯಾಪ್ತಿಯಲ್ಲಿ ಕರ್ನಾಟಕ ಸಾರ್ವಜನಿಕ ಸಂಗ್ರಹಣೆಗಳಲ್ಲಿ ಪಾರದರ್ಶಕತೆ ಅಧಿನಿಯಮ 1999-2000 ಪ್ರಕಾರ ಇ-ಟೆಂಡರ್ ಮೂಲಕ ಅರ್ಹ ಗುತ್ತಿಗೆದಾರರಿಂದ ಟೆಂಡರ್ ಆಹ್ವಾನಿಸಲಾಗಿದೆ. ಹೆಚ್ಚಿನ ಮಾಹಿತಿಗಾಗಿ https://kppp.karnataka.gov.in/ ವೆಬ್‌ಸೈಟ್ ನೋಡಬಹುದು.
ಇ.ಎಂ.ಡಿ ಮೊತ್ತ (ರೂ.ಗಳಲ್ಲಿ) 10000/-	ಅವಧಿ: 01 - Year
1.ಟೆಂಡರ್ ಸಲ್ಲಿಸಲು ಕೊನೆಯ ದಿನಾಂಕ: 26.09.2025 ಸಂಜೆ 5.00ಗಂಟೆ
2.ಟೆಂಡರ್ ತೆರೆಯುವ ದಿನಾಂಕ: 29.09.2025 ಬೆಳಿಗ್ಗೆ 11.00 ಗಂಟೆ
ಸಹಿ/- ಆಯುಕ್ತರು, ಹಂಪಿ ವಿಶ್ವ ಪರಂಪರೆ ಪ್ರದೇಶ ನಿರ್ವಹಣಾ ಪ್ರಾಧಿಕಾರ ಕಮಲಾಪುರ
ವಾ.ಸಾ.ಸಂ/ಜಿ/ವಿಜಯನಗರ/2025-26/ಟೆಂ.ಎಂ.ಅ/ಆರ್.ಒ.ಸಂಖ್ಯೆ/257
OWNER , PUBLISHER & PRINTER K. M. REKHA PUBLISHED AT HOSPET TIMES, APOORVA OFFSET PRINTERS , SACHIDANAND LANE , MAIN BAZAR , HOSAPETE , BALLARI & PRINTED AT APOORVA OFFSET PRINTERS ,
SACHIDANAND LANE , MAIN BAZAR , HOSAPETE , BALLARI , EDITOR K. M. REKHA. EMAIL : hospettimes@gmail.com, Mob No 94484 41484.
